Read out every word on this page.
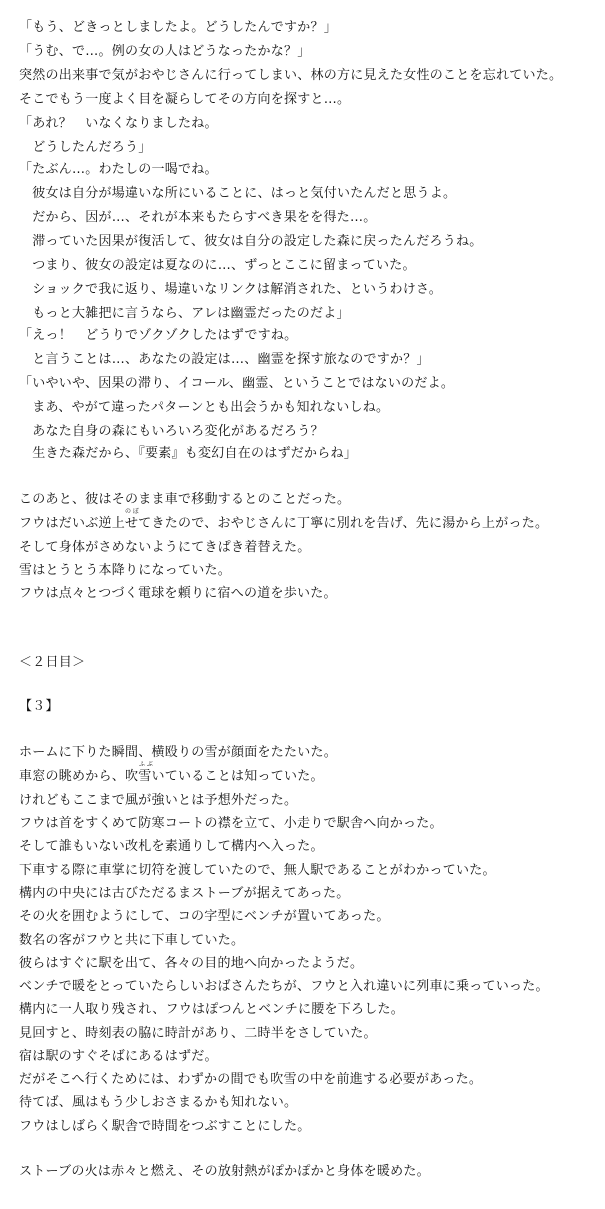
「もう、どきっとしましたよ。どうしたんですか？」
「うむ、で…。例の女の人はどうなったかな？」
突然の出来事で気がおやじさんに行ってしまい、林の方に見えた女性のことを忘れていた。
そこでもう一度よく目を凝らしてその方向を探すと…。
「あれ？　いなくなりましたね。
　どうしたんだろう」
「たぶん…。わたしの一喝でね。
　彼女は自分が場違いな所にいることに、はっと気付いたんだと思うよ。
　だから、因が…、それが本来もたらすべき果をを得た…。
　滞っていた因果が復活して、彼女は自分の設定した森に戻ったんだろうね。
　つまり、彼女の設定は夏なのに…、ずっとここに留まっていた。
　ショックで我に返り、場違いなリンクは解消された、というわけさ。
　もっと大雑把に言うなら、アレは幽霊だったのだよ」
「えっ！　どうりでゾクゾクしたはずですね。
　と言うことは…、あなたの設定は…、幽霊を探す旅なのですか？」
「いやいや、因果の滞り、イコール、幽霊、ということではないのだよ。
　まあ、やがて違ったパターンとも出会うかも知れないしね。
　あなた自身の森にもいろいろ変化があるだろう？
　生きた森だから、『要素』も変幻自在のはずだからね」
このあと、彼はそのまま車で移動するとのことだった。
の ぼ
フウはだいぶ逆上せてきたので、おやじさんに丁寧に別れを告げ、先に湯から上がった。
そして身体がさめないようにてきぱき着替えた。
雪はとうとう本降りになっていた。
フウは点々とつづく電球を頼りに宿への道を歩いた。
＜２日目＞
【３】
ホームに下りた瞬間、横殴りの雪が顔面をたたいた。
ふ ぶ
車窓の眺めから、吹雪いていることは知っていた。
けれどもここまで風が強いとは予想外だった。
フウは首をすくめて防寒コートの襟を立て、小走りで駅舎へ向かった。
そして誰もいない改札を素通りして構内へ入った。
下車する際に車掌に切符を渡していたので、無人駅であることがわかっていた。
構内の中央には古びただるまストーブが据えてあった。
その火を囲むようにして、コの字型にベンチが置いてあった。
数名の客がフウと共に下車していた。
彼らはすぐに駅を出て、各々の目的地へ向かったようだ。
ベンチで暖をとっていたらしいおばさんたちが、フウと入れ違いに列車に乗っていった。
構内に一人取り残され、フウはぽつんとベンチに腰を下ろした。
見回すと、時刻表の脇に時計があり、二時半をさしていた。
宿は駅のすぐそばにあるはずだ。
だがそこへ行くためには、わずかの間でも吹雪の中を前進する必要があった。
待てば、風はもう少しおさまるかも知れない。
フウはしばらく駅舎で時間をつぶすことにした。
ストーブの火は赤々と燃え、その放射熱がぽかぽかと身体を暖めた。
